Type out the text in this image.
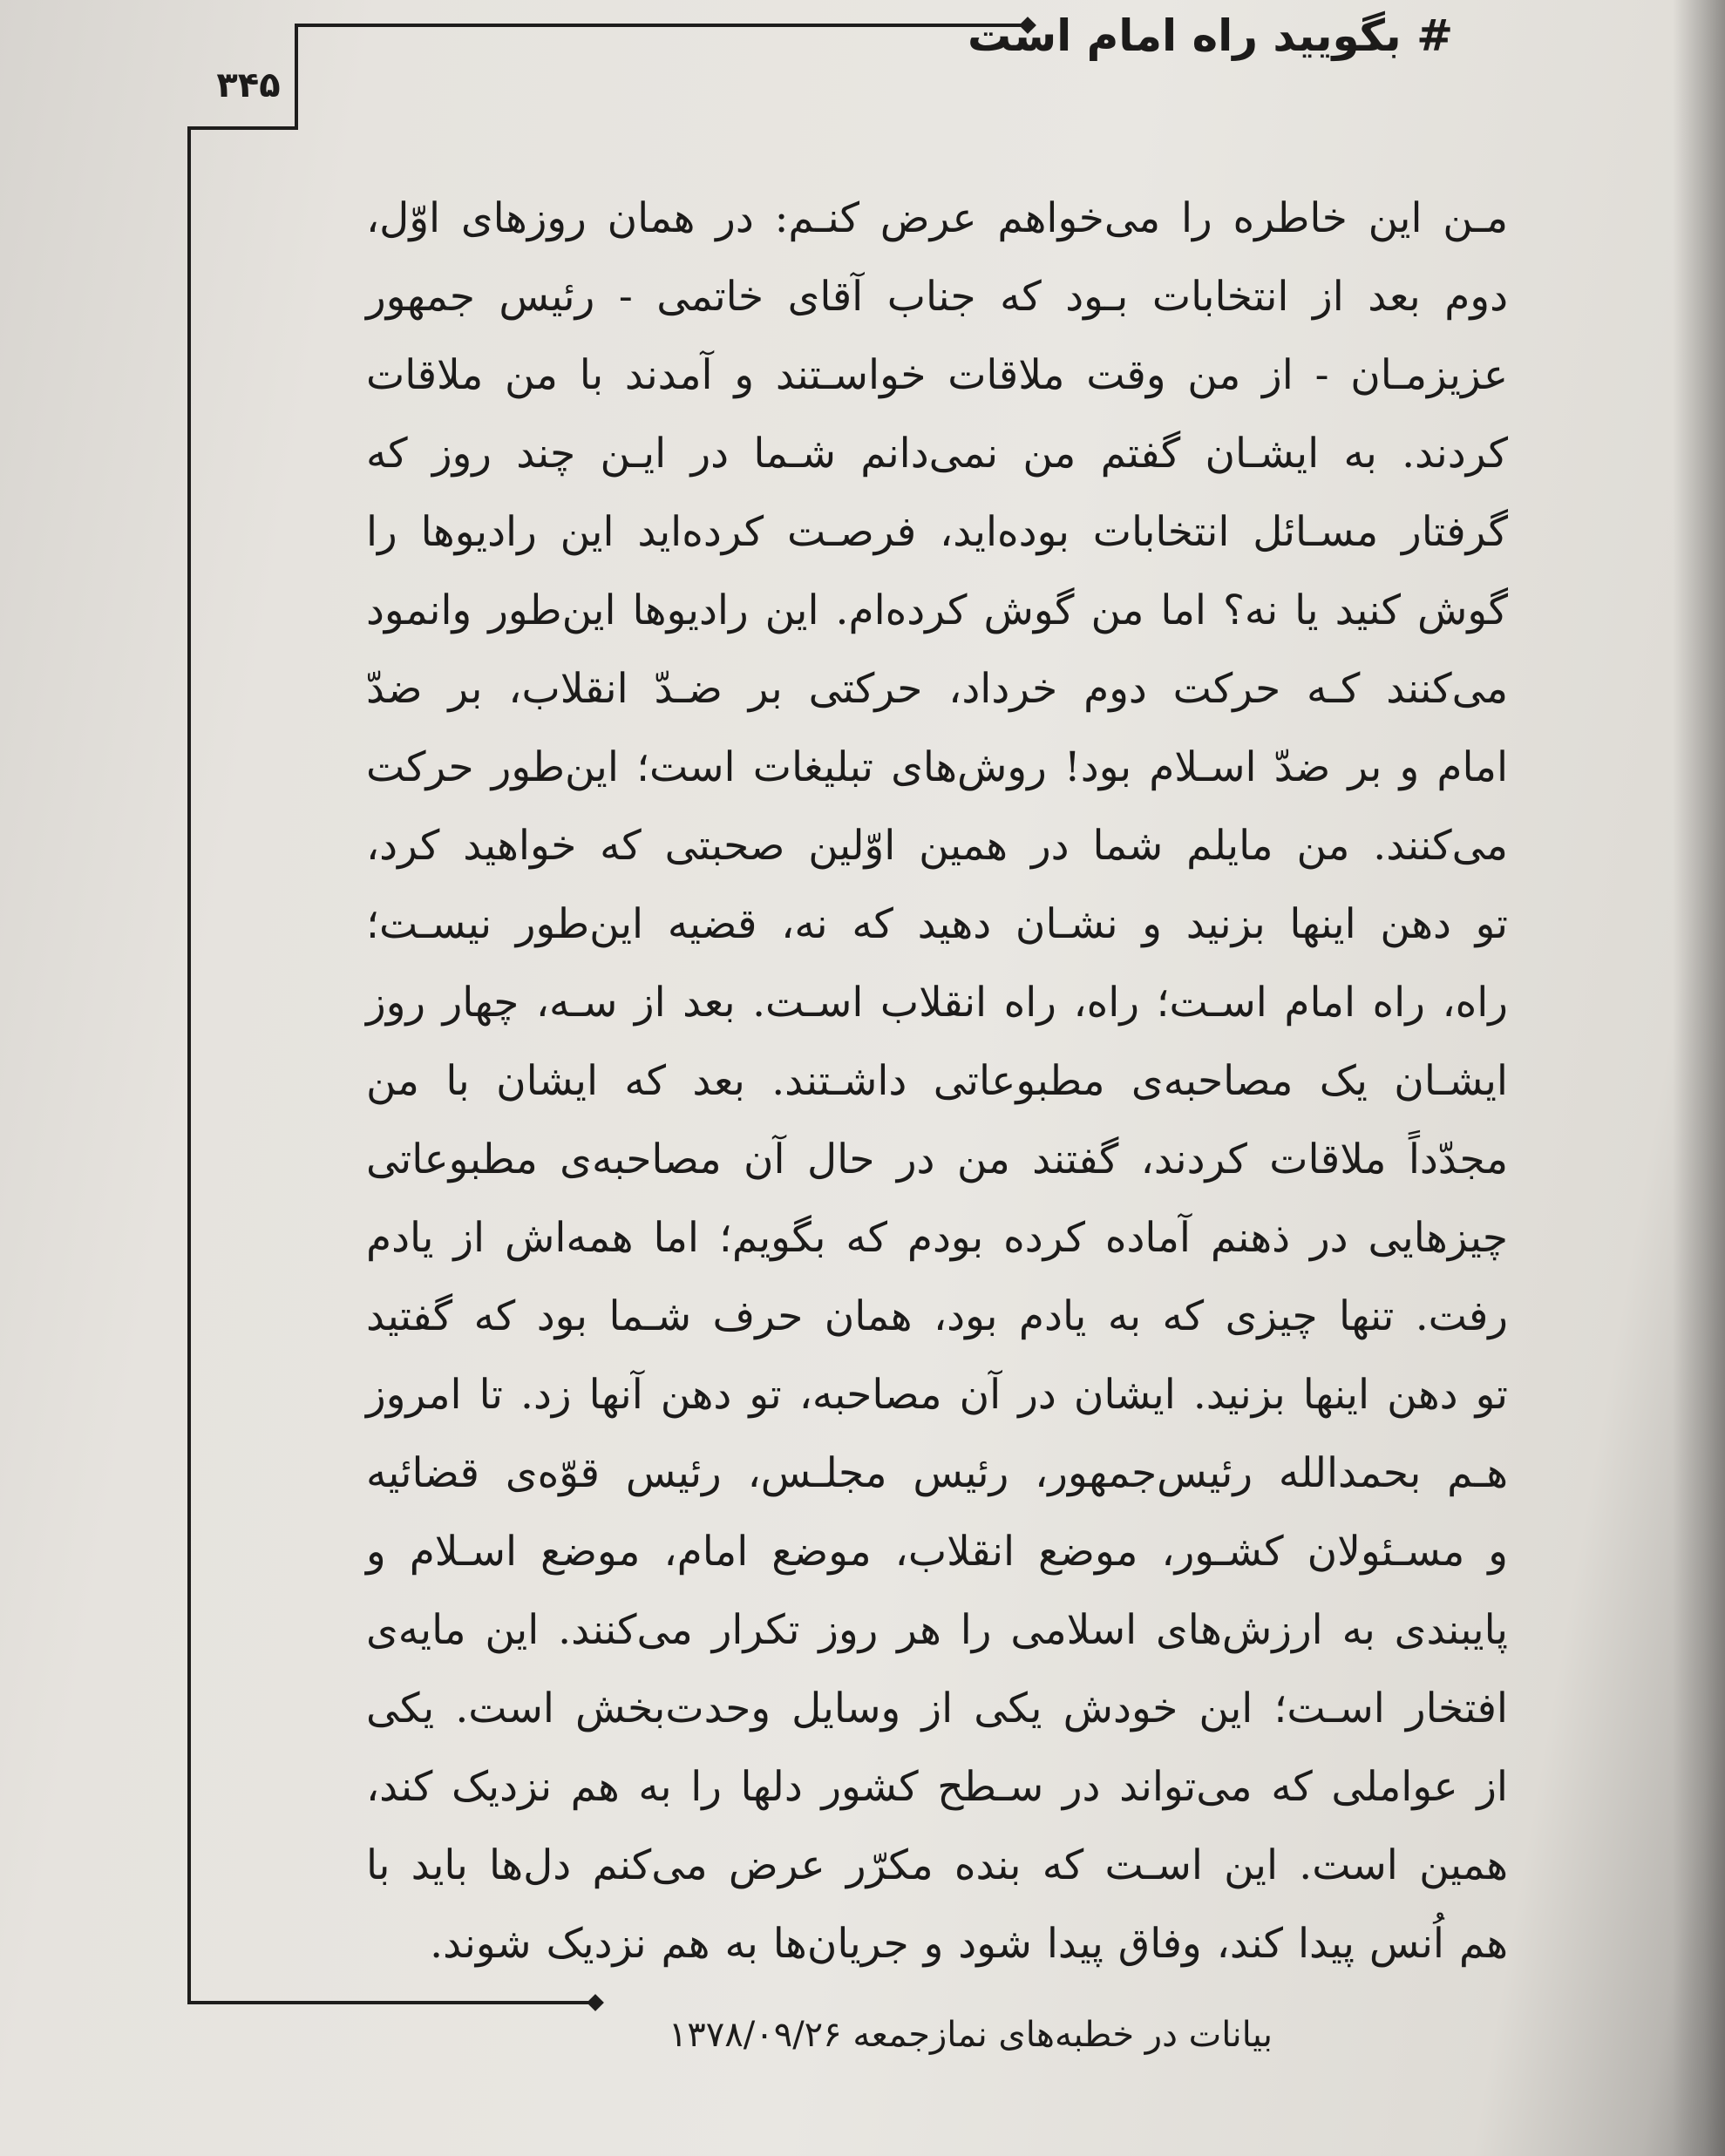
# بگویید راه امام است
۳۴۵
مـن این خاطره را می‌خواهم عرض کنـم: در همان روزهای اوّل،
دوم بعد از انتخابات بـود که جناب آقای خاتمی - رئیس جمهور
عزیزمـان - از من وقت ملاقات خواسـتند و آمدند با من ملاقات
کردند. به ایشـان گفتم من نمی‌دانم شـما در ایـن چند روز که
گرفتار مسـائل انتخابات بوده‌اید، فرصـت کرده‌اید این رادیوها را
گوش کنید یا نه؟ اما من گوش کرده‌ام. این رادیوها این‌طور وانمود
می‌کنند کـه حرکت دوم خرداد، حرکتی بر ضـدّ انقلاب، بر ضدّ
امام و بر ضدّ اسـلام بود! روش‌های تبلیغات است؛ این‌طور حرکت
می‌کنند. من مایلم شما در همین اوّلین صحبتی که خواهید کرد،
تو دهن اینها بزنید و نشـان دهید که نه، قضیه این‌طور نیسـت؛
راه، راه امام اسـت؛ راه، راه انقلاب اسـت. بعد از سـه، چهار روز
ایشـان یک مصاحبه‌ی مطبوعاتی داشـتند. بعد که ایشان با من
مجدّداً ملاقات کردند، گفتند من در حال آن مصاحبه‌ی مطبوعاتی
چیزهایی در ذهنم آماده کرده بودم که بگویم؛ اما همه‌اش از یادم
رفت. تنها چیزی که به یادم بود، همان حرف شـما بود که گفتید
تو دهن اینها بزنید. ایشان در آن مصاحبه، تو دهن آنها زد. تا امروز
هـم بحمدالله رئیس‌جمهور، رئیس مجلـس، رئیس قوّه‌ی قضائیه
و مسـئولان کشـور، موضع انقلاب، موضع امام، موضع اسـلام و
پایبندی به ارزش‌های اسلامی را هر روز تکرار می‌کنند. این مایه‌ی
افتخار اسـت؛ این خودش یکی از وسایل وحدت‌بخش است. یکی
از عواملی که می‌تواند در سـطح کشور دلها را به هم نزدیک کند،
همین است. این اسـت که بنده مکرّر عرض می‌کنم دل‌ها باید با
هم اُنس پیدا کند، وفاق پیدا شود و جریان‌ها به هم نزدیک شوند.
بیانات در خطبه‌های نمازجمعه ۱۳۷۸/۰۹/۲۶
